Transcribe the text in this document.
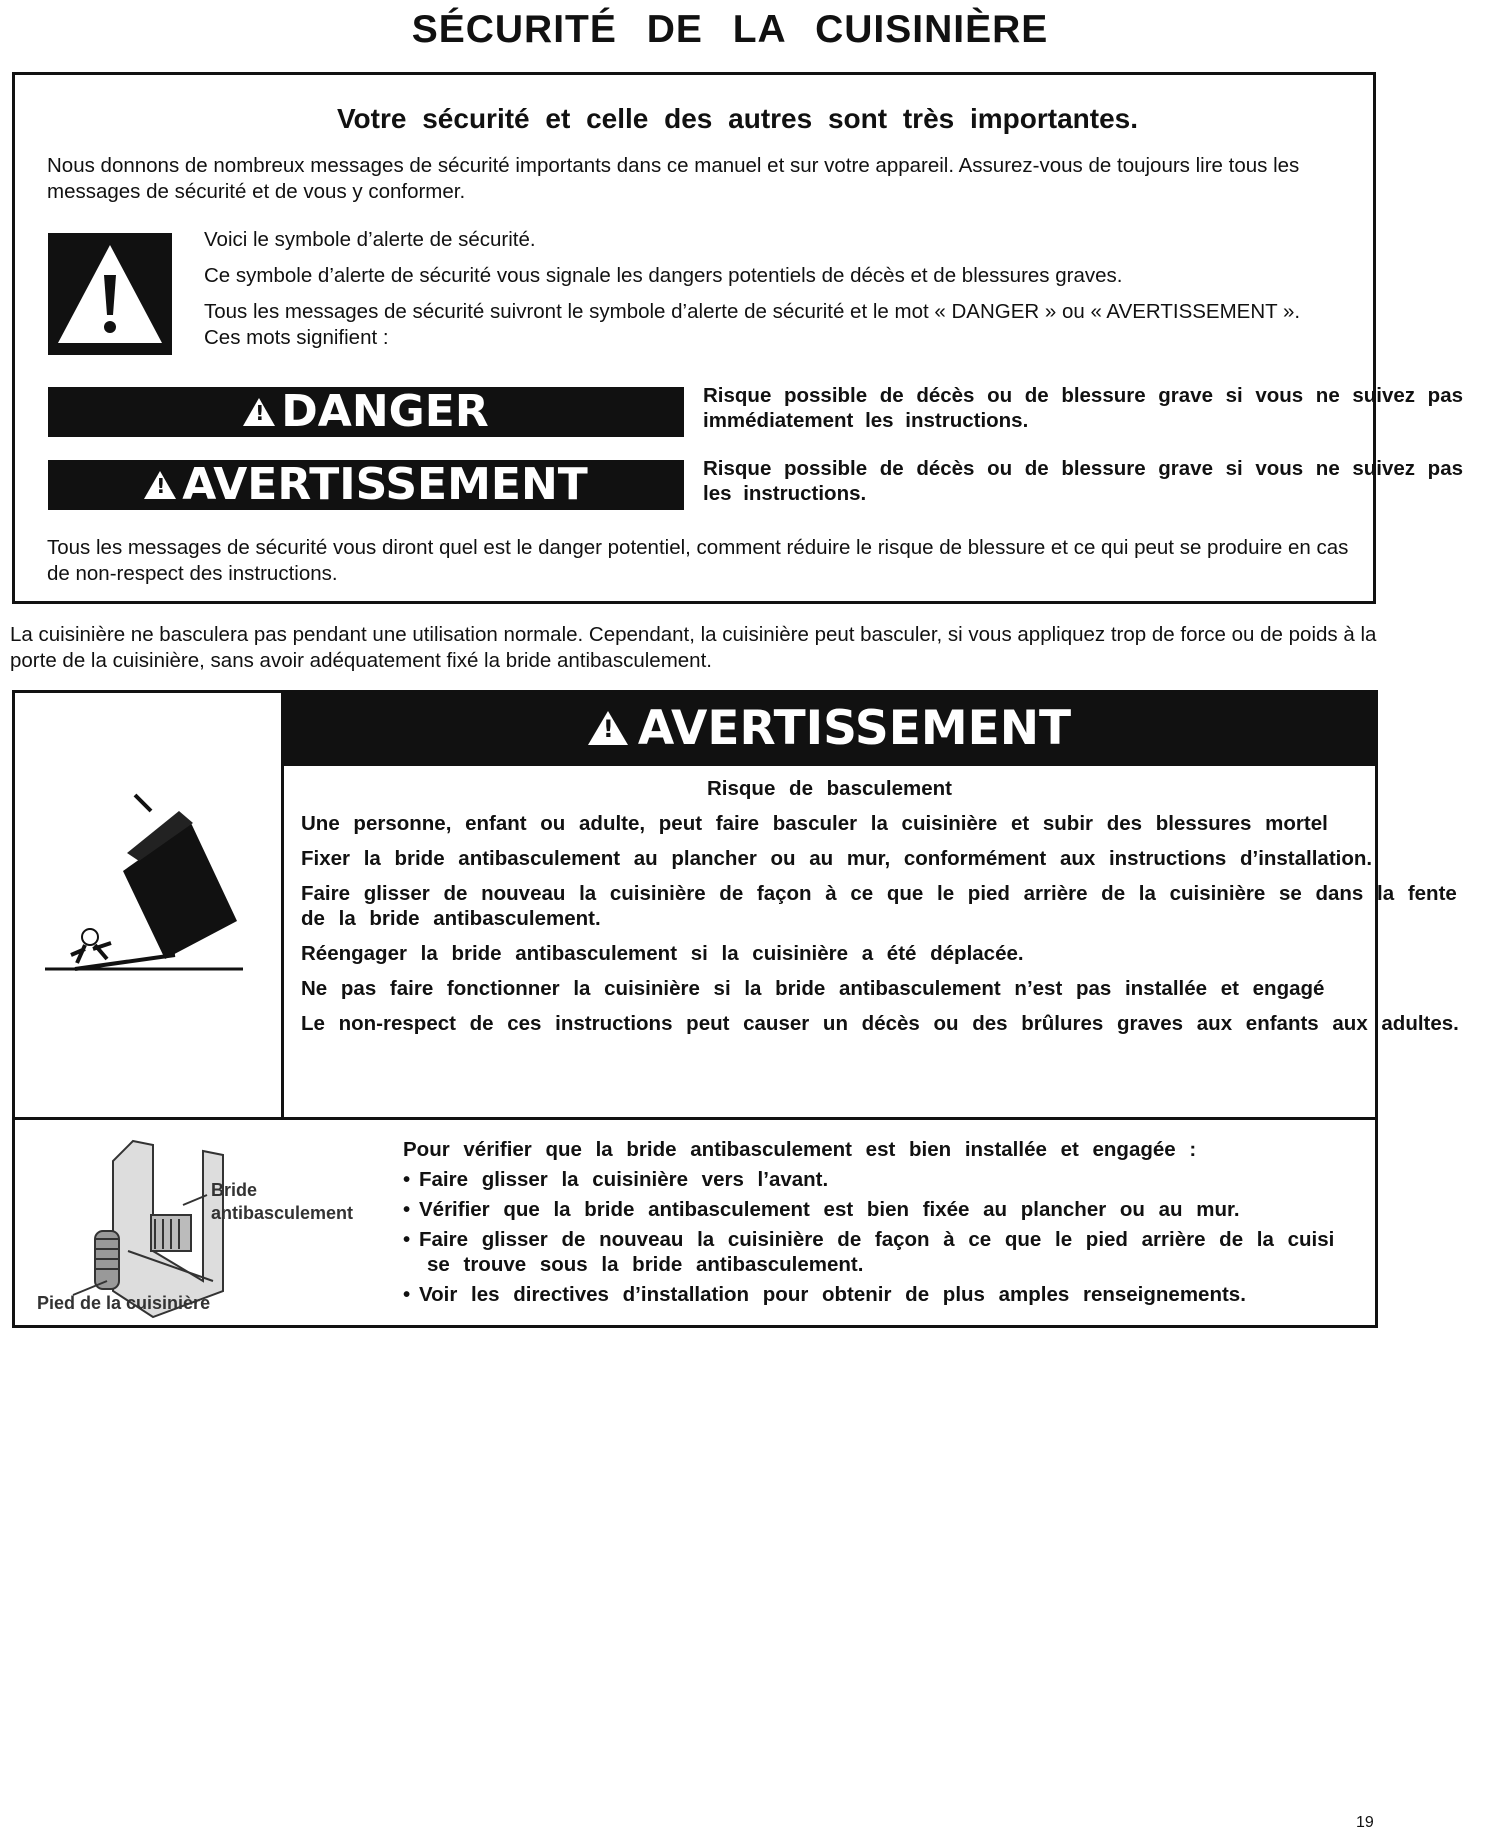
SÉCURITÉ DE LA CUISINIÈRE
Votre sécurité et celle des autres sont très importantes.
Nous donnons de nombreux messages de sécurité importants dans ce manuel et sur votre appareil. Assurez-vous de toujours lire tous les messages de sécurité et de vous y conformer.

Voici le symbole d’alerte de sécurité.

Ce symbole d’alerte de sécurité vous signale les dangers potentiels de décès et de blessures graves.

Tous les messages de sécurité suivront le symbole d’alerte de sécurité et le mot « DANGER » ou « AVERTISSEMENT ». Ces mots signifient :

!
DANGER	Risque possible de décès ou de blessure grave si vous ne suivez pas immédiatement les instructions.
!
AVERTISSEMENT	Risque possible de décès ou de blessure grave si vous ne suivez pas les instructions.
Tous les messages de sécurité vous diront quel est le danger potentiel, comment réduire le risque de blessure et ce qui peut se produire en cas de non-respect des instructions.
La cuisinière ne basculera pas pendant une utilisation normale. Cependant, la cuisinière peut basculer, si vous appliquez trop de force ou de poids à la porte de la cuisinière, sans avoir adéquatement fixé la bride antibasculement.
!
AVERTISSEMENT
Risque de basculement

Une personne, enfant ou adulte, peut faire basculer la cuisinière et subir des blessures mortel

Fixer la bride antibasculement au plancher ou au mur, conformément aux instructions d’installation.

Faire glisser de nouveau la cuisinière de façon à ce que le pied arrière de la cuisinière se dans la fente de la bride antibasculement.

Réengager la bride antibasculement si la cuisinière a été déplacée.

Ne pas faire fonctionner la cuisinière si la bride antibasculement n’est pas installée et engagé

Le non-respect de ces instructions peut causer un décès ou des brûlures graves aux enfants aux adultes.

Bride
antibasculement
Pied de la cuisinière

Pour vérifier que la bride antibasculement est bien installée et engagée :

• Faire glisser la cuisinière vers l’avant.
• Vérifier que la bride antibasculement est bien fixée au plancher ou au mur.
• Faire glisser de nouveau la cuisinière de façon à ce que le pied arrière de la cuisi
se trouve sous la bride antibasculement.
• Voir les directives d’installation pour obtenir de plus amples renseignements.
19
